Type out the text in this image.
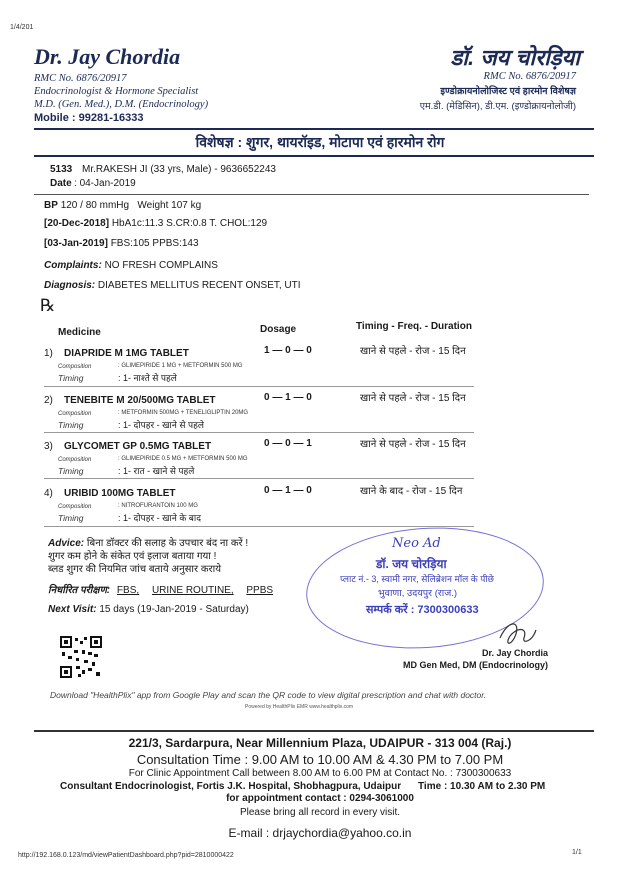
1/4/201
Dr. Jay Chordia
RMC No. 6876/20917
Endocrinologist & Hormone Specialist
M.D. (Gen. Med.), D.M. (Endocrinology)
Mobile : 99281-16333
डॉ. जय चोरड़िया
RMC No. 6876/20917
इण्डोक्रायनोलोजिस्ट एवं हारमोन विशेषज्ञ
एम.डी. (मेडिसिन), डी.एम. (इण्डोक्रायनोलोजी)
विशेषज्ञ : शुगर, थायरॉइड, मोटापा एवं हारमोन रोग
5133 Mr.RAKESH JI (33 yrs, Male) - 9636652243
Date : 04-Jan-2019
BP 120 / 80 mmHg Weight 107 kg
[20-Dec-2018] HbA1c:11.3 S.CR:0.8 T. CHOL:129
[03-Jan-2019] FBS:105 PPBS:143
Complaints: NO FRESH COMPLAINS
Diagnosis: DIABETES MELLITUS RECENT ONSET, UTI
℞
Medicine	Dosage	Timing - Freq. - Duration
1) DIAPRIDE M 1MG TABLET	1 — 0 — 0	खाने से पहले - रोज - 15 दिन
Composition	: GLIMEPIRIDE 1 MG + METFORMIN 500 MG
Timing	: 1- नाश्ते से पहले
2) TENEBITE M 20/500MG TABLET	0 — 1 — 0	खाने से पहले - रोज - 15 दिन
Composition	: METFORMIN 500MG + TENELIGLIPTIN 20MG
Timing	: 1- दोपहर - खाने से पहले
3) GLYCOMET GP 0.5MG TABLET	0 — 0 — 1	खाने से पहले - रोज - 15 दिन
Composition	: GLIMEPIRIDE 0.5 MG + METFORMIN 500 MG
Timing	: 1- रात - खाने से पहले
4) URIBID 100MG TABLET	0 — 1 — 0	खाने के बाद - रोज - 15 दिन
Composition	: NITROFURANTOIN 100 MG
Timing	: 1- दोपहर - खाने के बाद
Advice: बिना डॉक्टर की सलाह के उपचार बंद ना करें !
शुगर कम होने के संकेत एवं इलाज बताया गया !
ब्लड शुगर की नियमित जांच बताये अनुसार कराये
निर्धारित परीक्षण: FBS, URINE ROUTINE, PPBS
Next Visit: 15 days (19-Jan-2019 - Saturday)
Neo Ad
डॉ. जय चोरड़िया
प्लाट नं.- 3, स्वामी नगर, सेलिब्रेशन मॉल के पीछे
भुवाणा, उदयपुर (राज.)
सम्पर्क करें : 7300300633
Dr. Jay Chordia
MD Gen Med, DM (Endocrinology)
Download "HealthPlix" app from Google Play and scan the QR code to view digital prescription and chat with doctor.
Powered by HealthPlix EMR www.healthplix.com
221/3, Sardarpura, Near Millennium Plaza, UDAIPUR - 313 004 (Raj.)
Consultation Time : 9.00 AM to 10.00 AM & 4.30 PM to 7.00 PM
For Clinic Appointment Call between 8.00 AM to 6.00 PM at Contact No. : 7300300633
Consultant Endocrinologist, Fortis J.K. Hospital, Shobhagpura, Udaipur Time : 10.30 AM to 2.30 PM
for appointment contact : 0294-3061000
Please bring all record in every visit.
E-mail : drjaychordia@yahoo.co.in
http://192.168.0.123/md/viewPatientDashboard.php?pid=2810000422	1/1
